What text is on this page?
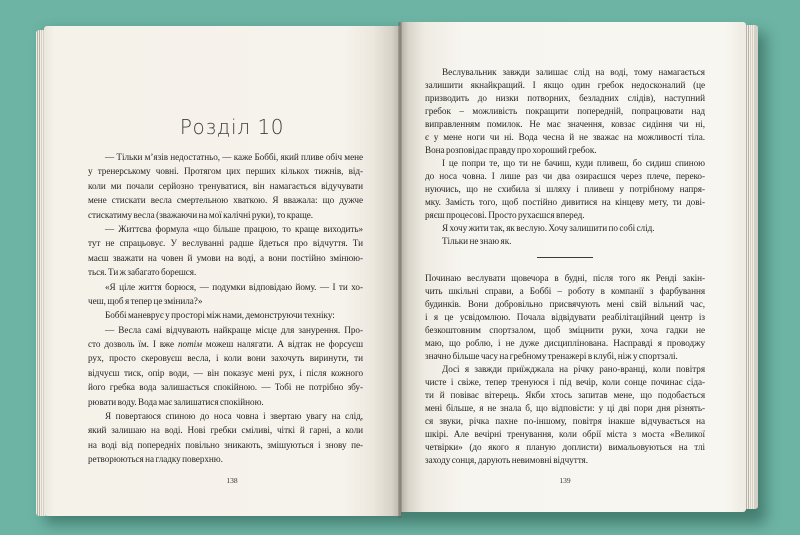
Розділ 10
— Тільки м’язів недостатньо, — каже Боббі, який пливе обіч мене
у тренерському човні. Протягом цих перших кількох тижнів, від-
коли ми почали серйозно тренуватися, він намагається відучувати
мене стискати весла смертельною хваткою. Я вважала: що дужче
стискатиму весла (зважаючи на мої калічні руки), то краще.
— Життєва формула «що більше працюю, то краще виходить»
тут не спрацьовує. У веслуванні радше йдеться про відчуття. Ти
маєш зважати на човен й умови на воді, а вони постійно змінюю-
ться. Ти ж забагато борешся.
«Я ціле життя борюся, — подумки відповідаю йому. — І ти хо-
чеш, щоб я тепер це змінила?»
Боббі маневрує у просторі між нами, демонструючи техніку:
— Весла самі відчувають найкраще місце для занурення. Про-
сто дозволь їм. І вже потім можеш налягати. А відтак не форсуєш
рух, просто скеровуєш весла, і коли вони захочуть виринути, ти
відчуєш тиск, опір води, — він показує мені рух, і після кожного
його гребка вода залишається спокійною. — Тобі не потрібно збу-
рювати воду. Вода має залишатися спокійною.
Я повертаюся спиною до носа човна і звертаю увагу на слід,
який залишаю на воді. Нові гребки сміливі, чіткі й гарні, а коли
на воді від попередніх повільно зникають, змішуються і знову пе-
ретворюються на гладку поверхню.
138
Веслувальник завжди залишає слід на воді, тому намагається
залишити якнайкращий. І якщо один гребок недосконалий (це
призводить до низки потворних, безладних слідів), наступний
гребок – можливість покращити попередній, попрацювати над
виправленням помилок. Не має значення, ковзає сидіння чи ні,
є у мене ноги чи ні. Вода чесна й не зважає на можливості тіла.
Вона розповідає правду про хороший гребок.
І це попри те, що ти не бачиш, куди пливеш, бо сидиш спиною
до носа човна. І лише раз чи два озираєшся через плече, переко-
нуючись, що не схибила зі шляху і пливеш у потрібному напря-
мку. Замість того, щоб постійно дивитися на кінцеву мету, ти дові-
ряєш процесові. Просто рухаєшся вперед.
Я хочу жити так, як веслую. Хочу залишити по собі слід.
Тільки не знаю як.
Починаю веслувати щовечора в будні, після того як Ренді закін-
чить шкільні справи, а Боббі – роботу в компанії з фарбування
будинків. Вони добровільно присвячують мені свій вільний час,
і я це усвідомлюю. Почала відвідувати реабілітаційний центр із
безкоштовним спортзалом, щоб зміцнити руки, хоча гадки не
маю, що роблю, і не дуже дисциплінована. Насправді я проводжу
значно більше часу на гребному тренажері в клубі, ніж у спортзалі.
Досі я завжди приїжджала на річку рано-вранці, коли повітря
чисте і свіже, тепер тренуюся і під вечір, коли сонце починає сіда-
ти й повіває вітерець. Якби хтось запитав мене, що подобається
мені більше, я не знала б, що відповісти: у ці дві пори дня різнять-
ся звуки, річка пахне по-іншому, повітря інакше відчувається на
шкірі. Але вечірні тренування, коли обрії міста з моста «Великої
четвірки» (до якого я планую доплисти) вимальовуються на тлі
заходу сонця, дарують невимовні відчуття.
139
